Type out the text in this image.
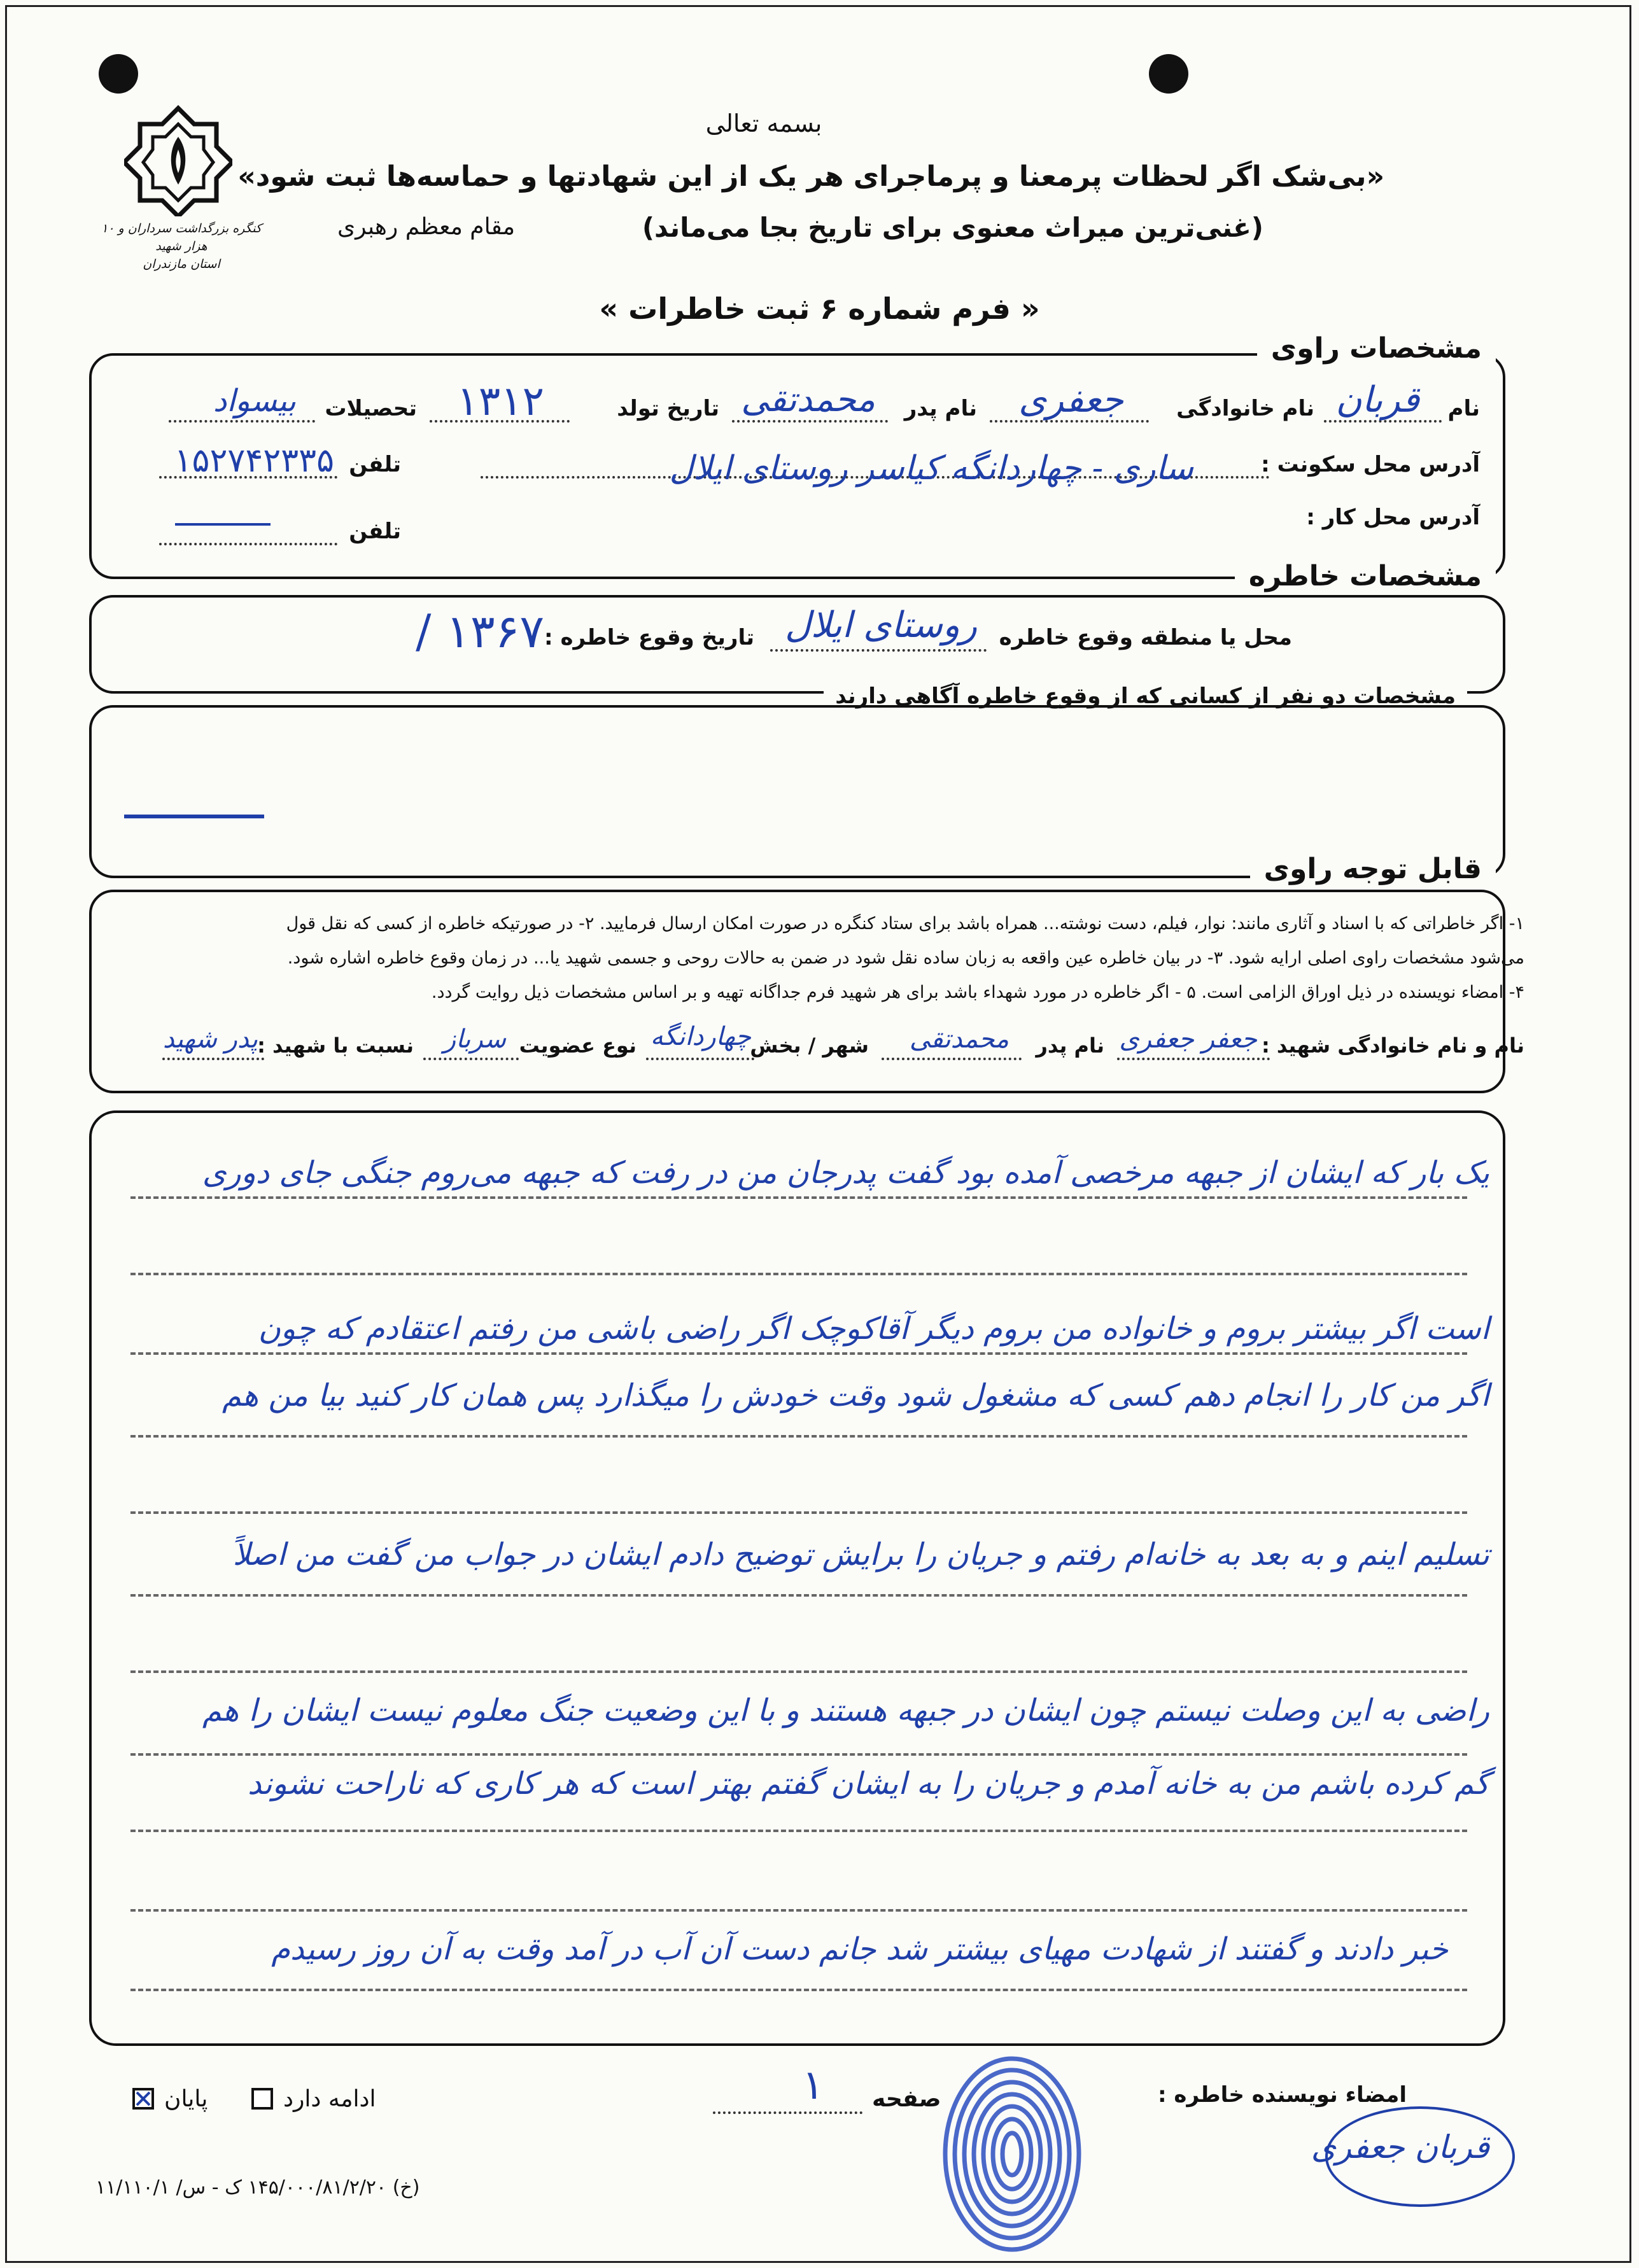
کنگره بزرگداشت سرداران و ۱۰ هزار شهید
استان مازندران
بسمه تعالی
«بی‌شک اگر لحظات پرمعنا و پرماجرای هر یک از این شهادتها و حماسه‌ها ثبت شود»
مقام معظم رهبری	(غنی‌ترین میراث معنوی برای تاریخ بجا می‌ماند)
« فرم شماره ۶ ثبت خاطرات »
مشخصات راوی
نام
قربان
نام خانوادگی
جعفری
نام پدر
محمدتقی
تاریخ تولد
۱۳۱۲
تحصیلات
بیسواد
آدرس محل سکونت :
ساری - چهاردانگه کیاسر روستای ایلال
تلفن
۱۵۲۷۴۲۳۳۵
آدرس محل کار :
تلفن
مشخصات خاطره
محل یا منطقه وقوع خاطره
روستای ایلال
تاریخ وقوع خاطره :
۱۳۶۷ /
مشخصات دو نفر از کسانی که از وقوع خاطره آگاهی دارند
قابل توجه راوی
۱- اگر خاطراتی که با اسناد و آثاری مانند: نوار، فیلم، دست نوشته... همراه باشد برای ستاد کنگره در صورت امکان ارسال فرمایید. ۲- در صورتیکه خاطره از کسی که نقل قول
می‌شود مشخصات راوی اصلی ارایه شود. ۳- در بیان خاطره عین واقعه به زبان ساده نقل شود در ضمن به حالات روحی و جسمی شهید یا... در زمان وقوع خاطره اشاره شود.
۴- امضاء نویسنده در ذیل اوراق الزامی است. ۵ - اگر خاطره در مورد شهداء باشد برای هر شهید فرم جداگانه تهیه و بر اساس مشخصات ذیل روایت گردد.
نام و نام خانوادگی شهید :
جعفر جعفری
نام پدر
محمدتقی
شهر / بخش
چهاردانگه
نوع عضویت
سرباز
نسبت با شهید :
پدر شهید
یک بار که ایشان از جبهه مرخصی آمده بود گفت پدرجان من در رفت که جبهه می‌روم جنگی جای دوری
است اگر بیشتر بروم و خانواده من بروم دیگر آقاکوچک اگر راضی باشی من رفتم اعتقادم که چون
اگر من کار را انجام دهم کسی که مشغول شود وقت خودش را میگذارد پس همان کار کنید بیا من هم
تسلیم اینم و به بعد به خانه‌ام رفتم و جریان را برایش توضیح دادم ایشان در جواب من گفت من اصلاً
راضی به این وصلت نیستم چون ایشان در جبهه هستند و با این وضعیت جنگ معلوم نیست ایشان را هم
گم کرده باشم من به خانه آمدم و جریان را به ایشان گفتم بهتر است که هر کاری که ناراحت نشوند
خبر دادند و گفتند از شهادت مهیای بیشتر شد جانم دست آن آب در آمد وقت به آن روز رسیدم
پایان	ادامه دارد	صفحه
۱	امضاء نویسنده خاطره :
قربان جعفری
(خ) ۱۴۵/۰۰۰/۸۱/۲/۲۰ ک - س/ ۱۱/۱۱۰/۱
